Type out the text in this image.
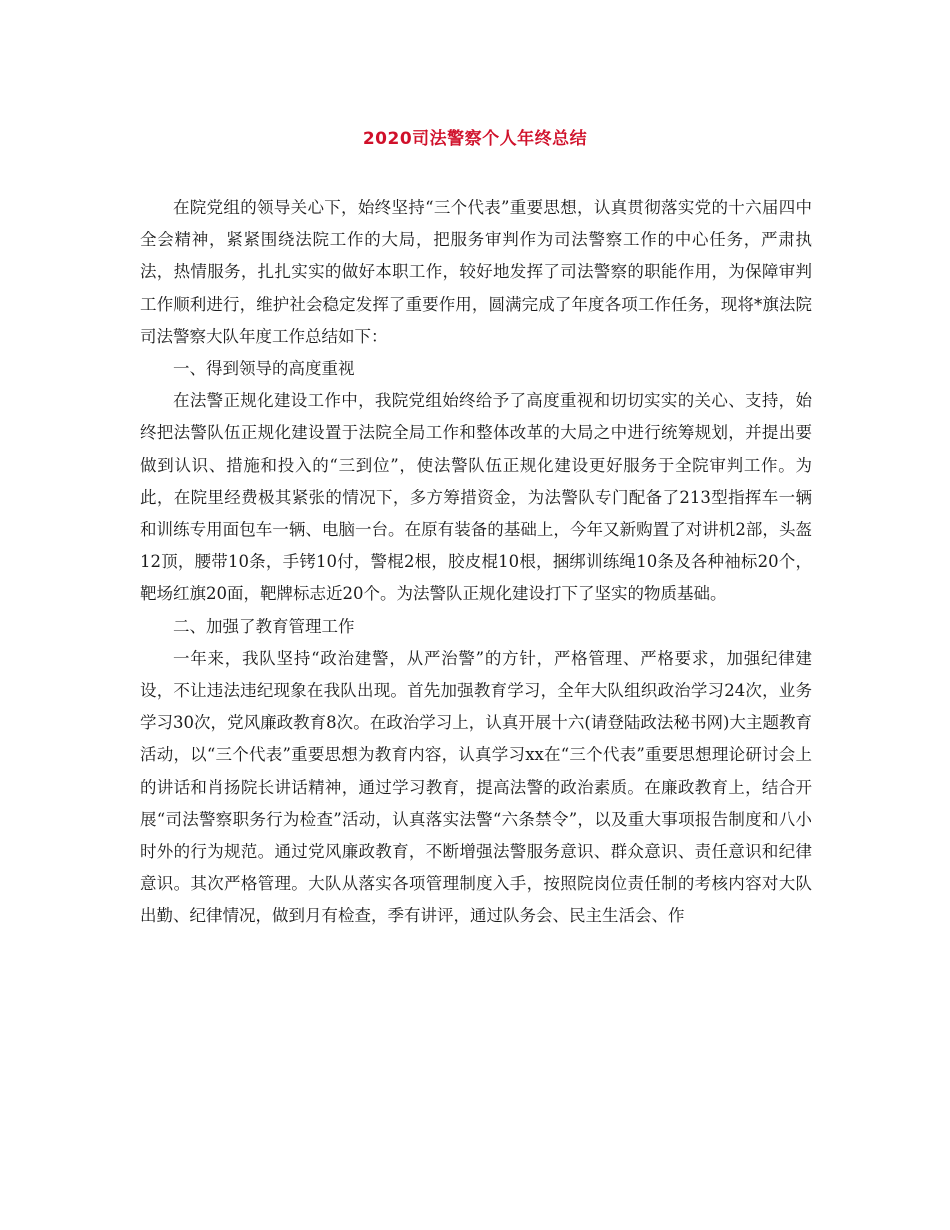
2020司法警察个人年终总结

在院党组的领导关心下，始终坚持“三个代表”重要思想，认真贯彻落实党的十六届四中全会精神，紧紧围绕法院工作的大局，把服务审判作为司法警察工作的中心任务，严肃执法，热情服务，扎扎实实的做好本职工作，较好地发挥了司法警察的职能作用，为保障审判工作顺利进行，维护社会稳定发挥了重要作用，圆满完成了年度各项工作任务，现将*旗法院司法警察大队年度工作总结如下：

一、得到领导的高度重视

在法警正规化建设工作中，我院党组始终给予了高度重视和切切实实的关心、支持，始终把法警队伍正规化建设置于法院全局工作和整体改革的大局之中进行统筹规划，并提出要做到认识、措施和投入的“三到位”，使法警队伍正规化建设更好服务于全院审判工作。为此，在院里经费极其紧张的情况下，多方筹措资金，为法警队专门配备了213型指挥车一辆和训练专用面包车一辆、电脑一台。在原有装备的基础上，今年又新购置了对讲机2部，头盔12顶，腰带10条，手铐10付，警棍2根，胶皮棍10根，捆绑训练绳10条及各种袖标20个，靶场红旗20面，靶牌标志近20个。为法警队正规化建设打下了坚实的物质基础。

二、加强了教育管理工作

一年来，我队坚持“政治建警，从严治警”的方针，严格管理、严格要求，加强纪律建设，不让违法违纪现象在我队出现。首先加强教育学习，全年大队组织政治学习24次，业务学习30次，党风廉政教育8次。在政治学习上，认真开展十六(请登陆政法秘书网)大主题教育活动，以“三个代表”重要思想为教育内容，认真学习xx在“三个代表”重要思想理论研讨会上的讲话和肖扬院长讲话精神，通过学习教育，提高法警的政治素质。在廉政教育上，结合开展“司法警察职务行为检查”活动，认真落实法警“六条禁令”，以及重大事项报告制度和八小时外的行为规范。通过党风廉政教育，不断增强法警服务意识、群众意识、责任意识和纪律意识。其次严格管理。大队从落实各项管理制度入手，按照院岗位责任制的考核内容对大队出勤、纪律情况，做到月有检查，季有讲评，通过队务会、民主生活会、作
